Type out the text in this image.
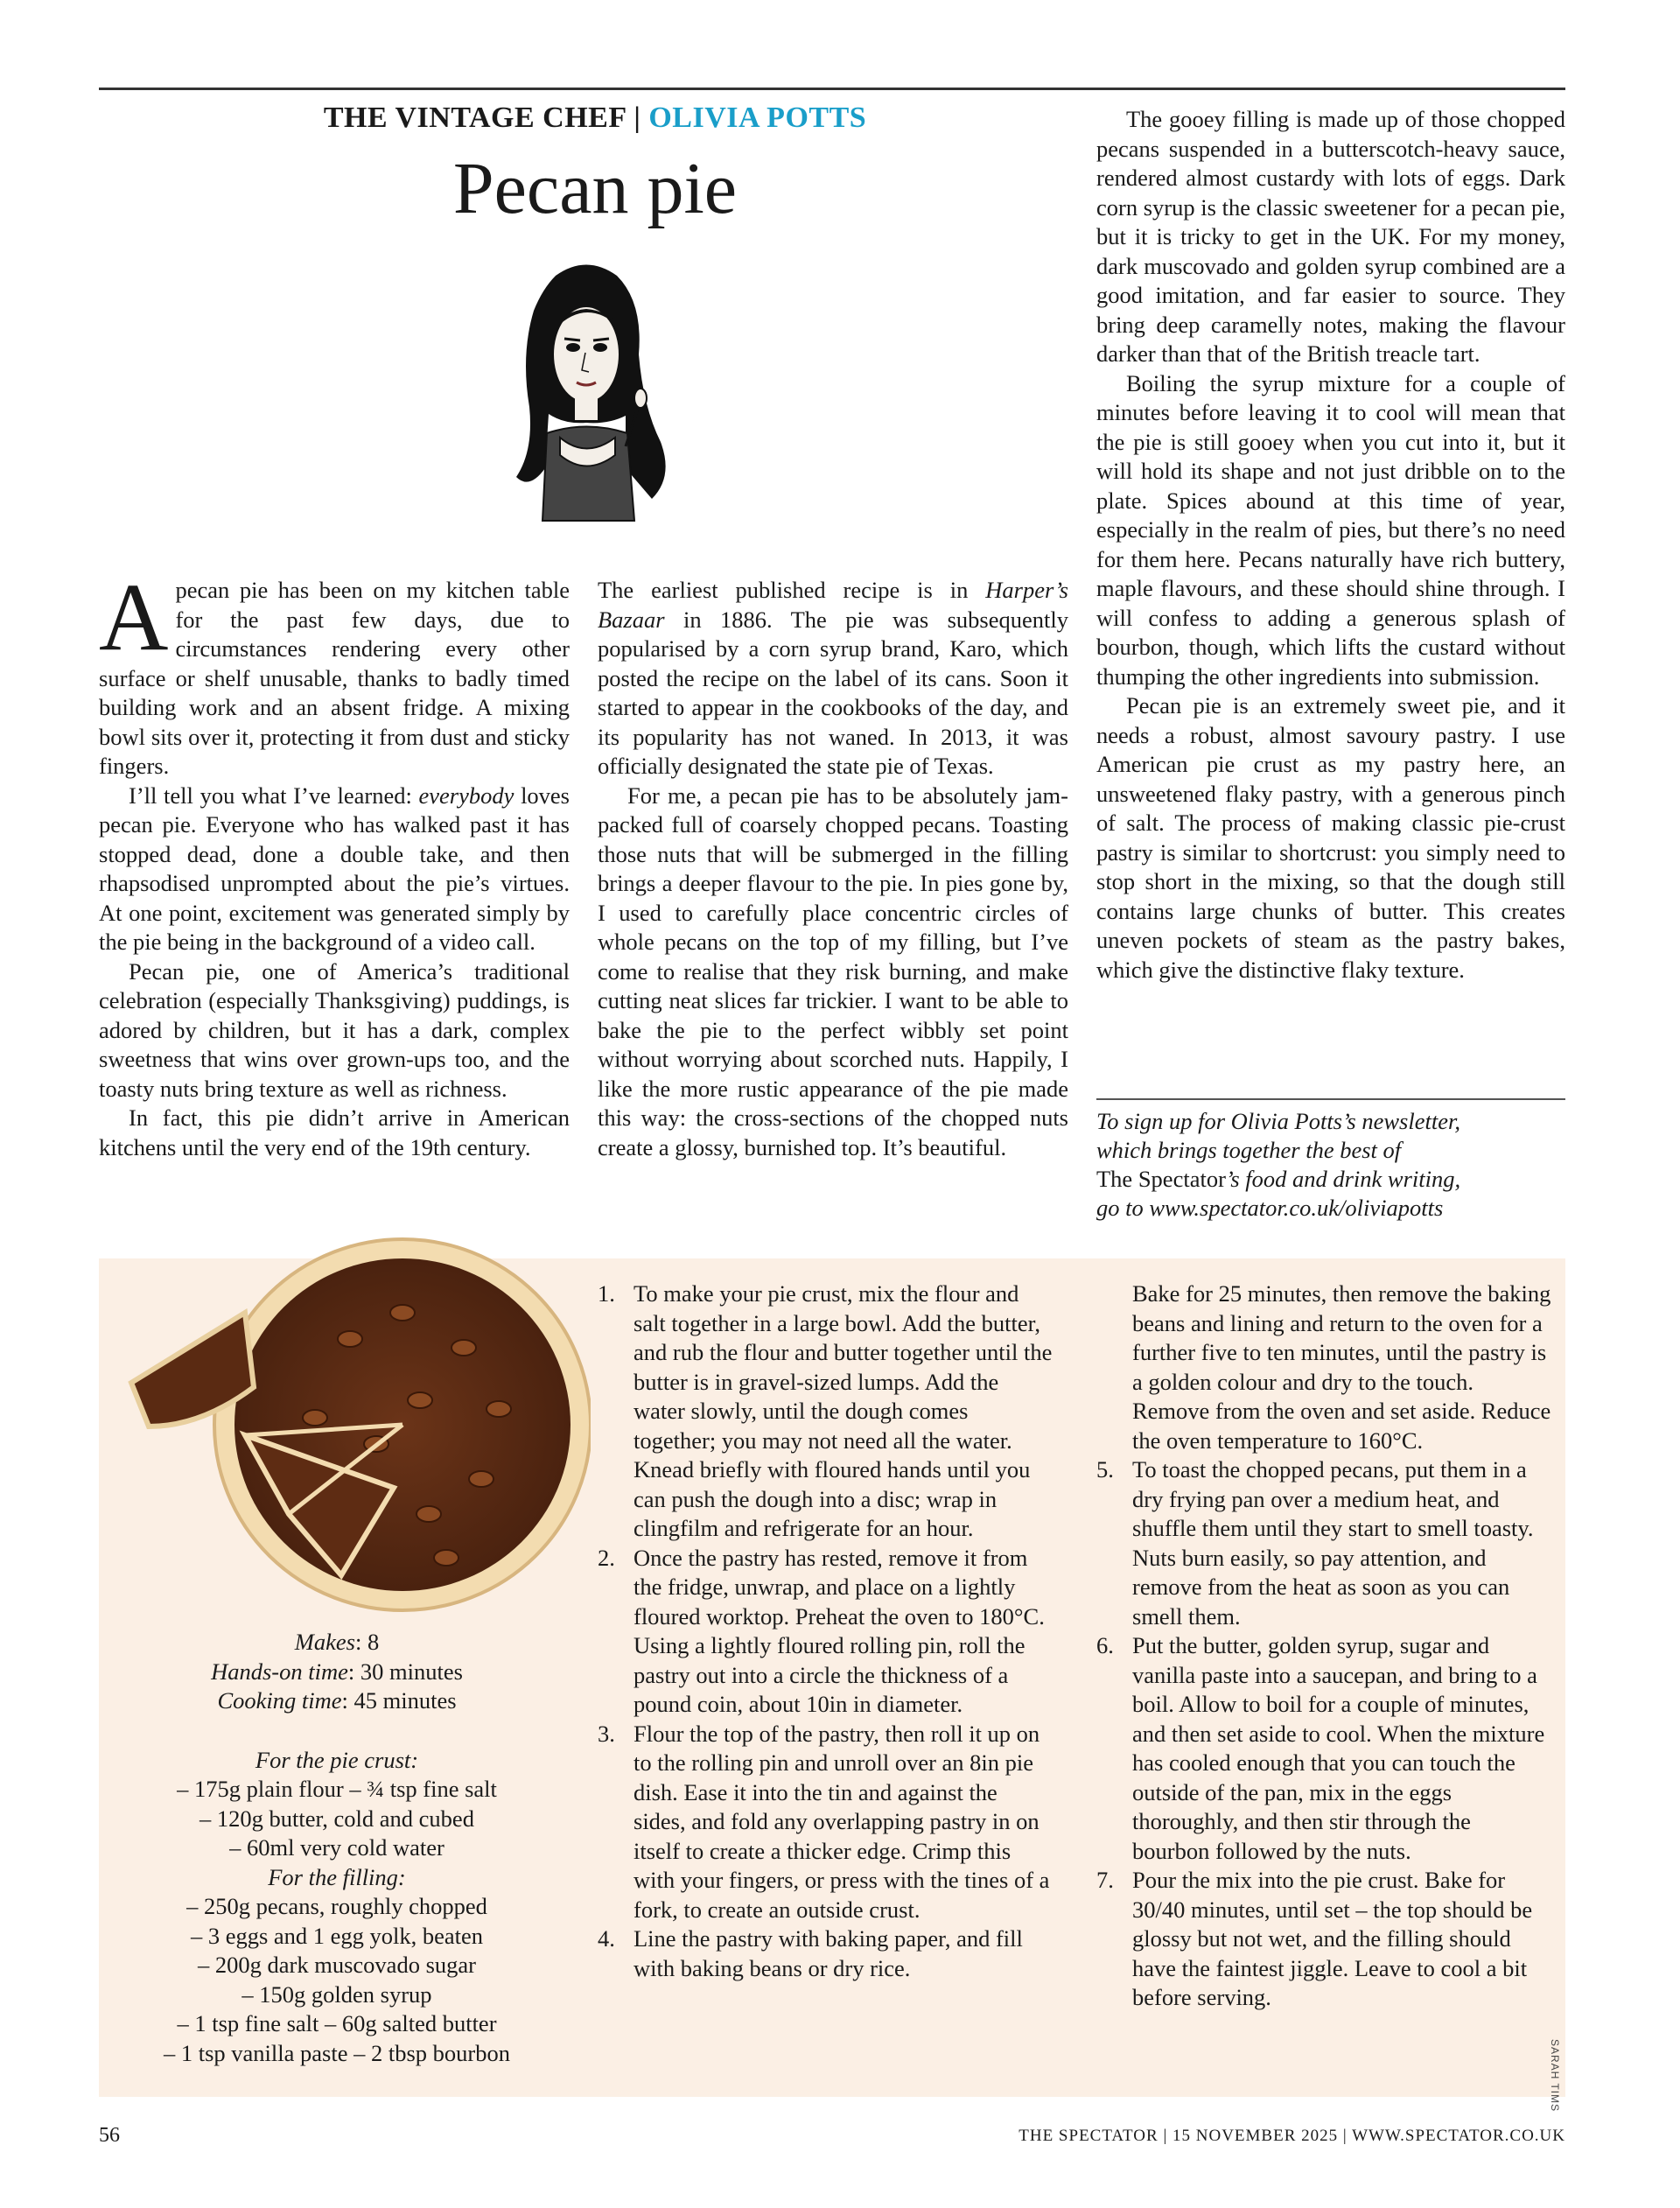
THE VINTAGE CHEF | OLIVIA POTTS
Pecan pie

Apecan pie has been on my kitchen table for the past few days, due to circumstances rendering every other surface or shelf unusable, thanks to badly timed building work and an absent fridge. A mixing bowl sits over it, protecting it from dust and sticky fingers.

I’ll tell you what I’ve learned: everybody loves pecan pie. Everyone who has walked past it has stopped dead, done a double take, and then rhapsodised unprompted about the pie’s virtues. At one point, excitement was generated simply by the pie being in the background of a video call.

Pecan pie, one of America’s traditional celebration (especially Thanksgiving) puddings, is adored by children, but it has a dark, complex sweetness that wins over grown-ups too, and the toasty nuts bring texture as well as richness.

In fact, this pie didn’t arrive in American kitchens until the very end of the 19th century.

The earliest published recipe is in Harper’s Bazaar in 1886. The pie was subsequently popularised by a corn syrup brand, Karo, which posted the recipe on the label of its cans. Soon it started to appear in the cookbooks of the day, and its popularity has not waned. In 2013, it was officially designated the state pie of Texas.

For me, a pecan pie has to be absolutely jam-packed full of coarsely chopped pecans. Toasting those nuts that will be submerged in the filling brings a deeper flavour to the pie. In pies gone by, I used to carefully place concentric circles of whole pecans on the top of my filling, but I’ve come to realise that they risk burning, and make cutting neat slices far trickier. I want to be able to bake the pie to the perfect wibbly set point without worrying about scorched nuts. Happily, I like the more rustic appearance of the pie made this way: the cross-sections of the chopped nuts create a glossy, burnished top. It’s beautiful.

The gooey filling is made up of those chopped pecans suspended in a butterscotch-heavy sauce, rendered almost custardy with lots of eggs. Dark corn syrup is the classic sweetener for a pecan pie, but it is tricky to get in the UK. For my money, dark muscovado and golden syrup combined are a good imitation, and far easier to source. They bring deep caramelly notes, making the flavour darker than that of the British treacle tart.

Boiling the syrup mixture for a couple of minutes before leaving it to cool will mean that the pie is still gooey when you cut into it, but it will hold its shape and not just dribble on to the plate. Spices abound at this time of year, especially in the realm of pies, but there’s no need for them here. Pecans naturally have rich buttery, maple flavours, and these should shine through. I will confess to adding a generous splash of bourbon, though, which lifts the custard without thumping the other ingredients into submission.

Pecan pie is an extremely sweet pie, and it needs a robust, almost savoury pastry. I use American pie crust as my pastry here, an unsweetened flaky pastry, with a generous pinch of salt. The process of making classic pie-crust pastry is similar to shortcrust: you simply need to stop short in the mixing, so that the dough still contains large chunks of butter. This creates uneven pockets of steam as the pastry bakes, which give the distinctive flaky texture.

To sign up for Olivia Potts’s newsletter,
which brings together the best of
The Spectator’s food and drink writing,
go to www.spectator.co.uk/oliviapotts
Makes: 8
Hands-on time: 30 minutes
Cooking time: 45 minutes
For the pie crust:
– 175g plain flour – ¾ tsp fine salt
– 120g butter, cold and cubed
– 60ml very cold water
For the filling:
– 250g pecans, roughly chopped
– 3 eggs and 1 egg yolk, beaten
– 200g dark muscovado sugar
– 150g golden syrup
– 1 tsp fine salt – 60g salted butter
– 1 tsp vanilla paste – 2 tbsp bourbon
1. To make your pie crust, mix the flour and salt together in a large bowl. Add the butter, and rub the flour and butter together until the butter is in gravel-sized lumps. Add the water slowly, until the dough comes together; you may not need all the water. Knead briefly with floured hands until you can push the dough into a disc; wrap in clingfilm and refrigerate for an hour.
2. Once the pastry has rested, remove it from the fridge, unwrap, and place on a lightly floured worktop. Preheat the oven to 180°C. Using a lightly floured rolling pin, roll the pastry out into a circle the thickness of a pound coin, about 10in in diameter.
3. Flour the top of the pastry, then roll it up on to the rolling pin and unroll over an 8in pie dish. Ease it into the tin and against the sides, and fold any overlapping pastry in on itself to create a thicker edge. Crimp this with your fingers, or press with the tines of a fork, to create an outside crust.
4. Line the pastry with baking paper, and fill with baking beans or dry rice.
Bake for 25 minutes, then remove the baking beans and lining and return to the oven for a further five to ten minutes, until the pastry is a golden colour and dry to the touch. Remove from the oven and set aside. Reduce the oven temperature to 160°C.
5. To toast the chopped pecans, put them in a dry frying pan over a medium heat, and shuffle them until they start to smell toasty. Nuts burn easily, so pay attention, and remove from the heat as soon as you can smell them.
6. Put the butter, golden syrup, sugar and vanilla paste into a saucepan, and bring to a boil. Allow to boil for a couple of minutes, and then set aside to cool. When the mixture has cooled enough that you can touch the outside of the pan, mix in the eggs thoroughly, and then stir through the bourbon followed by the nuts.
7. Pour the mix into the pie crust. Bake for 30/40 minutes, until set – the top should be glossy but not wet, and the filling should have the faintest jiggle. Leave to cool a bit before serving.
SARAH TIMS
56	THE SPECTATOR | 15 NOVEMBER 2025 | WWW.SPECTATOR.CO.UK
